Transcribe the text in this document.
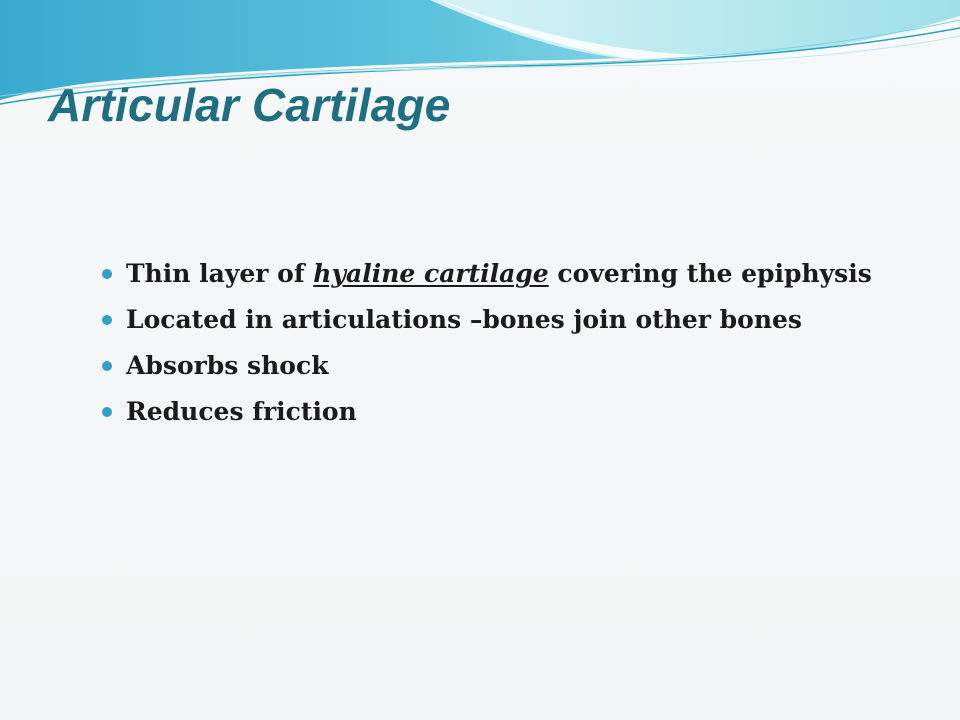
Articular Cartilage
Thin layer of hyaline cartilage covering the epiphysis
Located in articulations –bones join other bones
Absorbs shock
Reduces friction
